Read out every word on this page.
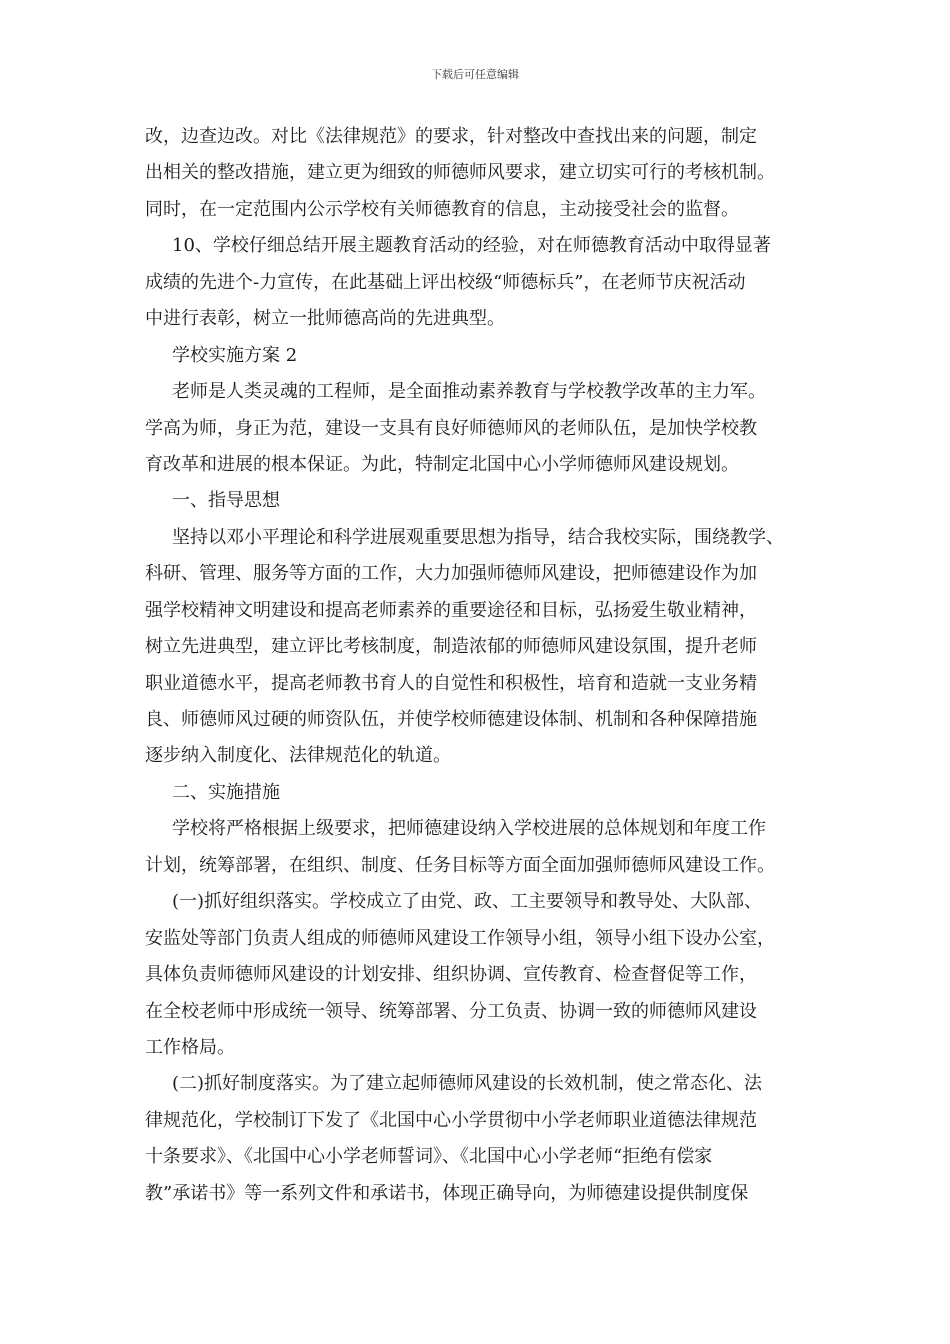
下载后可任意编辑
改，边查边改。对比《法律规范》的要求，针对整改中查找出来的问题，制定
出相关的整改措施，建立更为细致的师德师风要求，建立切实可行的考核机制。
同时，在一定范围内公示学校有关师德教育的信息，主动接受社会的监督。
10、学校仔细总结开展主题教育活动的经验，对在师德教育活动中取得显著
成绩的先进个-力宣传，在此基础上评出校级“师德标兵”，在老师节庆祝活动
中进行表彰，树立一批师德高尚的先进典型。
学校实施方案 2
老师是人类灵魂的工程师，是全面推动素养教育与学校教学改革的主力军。
学高为师，身正为范，建设一支具有良好师德师风的老师队伍，是加快学校教
育改革和进展的根本保证。为此，特制定北国中心小学师德师风建设规划。
一、指导思想
坚持以邓小平理论和科学进展观重要思想为指导，结合我校实际，围绕教学、
科研、管理、服务等方面的工作，大力加强师德师风建设，把师德建设作为加
强学校精神文明建设和提高老师素养的重要途径和目标，弘扬爱生敬业精神，
树立先进典型，建立评比考核制度，制造浓郁的师德师风建设氛围，提升老师
职业道德水平，提高老师教书育人的自觉性和积极性，培育和造就一支业务精
良、师德师风过硬的师资队伍，并使学校师德建设体制、机制和各种保障措施
逐步纳入制度化、法律规范化的轨道。
二、实施措施
学校将严格根据上级要求，把师德建设纳入学校进展的总体规划和年度工作
计划，统筹部署，在组织、制度、任务目标等方面全面加强师德师风建设工作。
(一)抓好组织落实。学校成立了由党、政、工主要领导和教导处、大队部、
安监处等部门负责人组成的师德师风建设工作领导小组，领导小组下设办公室，
具体负责师德师风建设的计划安排、组织协调、宣传教育、检查督促等工作，
在全校老师中形成统一领导、统筹部署、分工负责、协调一致的师德师风建设
工作格局。
(二)抓好制度落实。为了建立起师德师风建设的长效机制，使之常态化、法
律规范化，学校制订下发了《北国中心小学贯彻中小学老师职业道德法律规范
十条要求》、《北国中心小学老师誓词》、《北国中心小学老师“拒绝有偿家
教”承诺书》等一系列文件和承诺书，体现正确导向，为师德建设提供制度保
